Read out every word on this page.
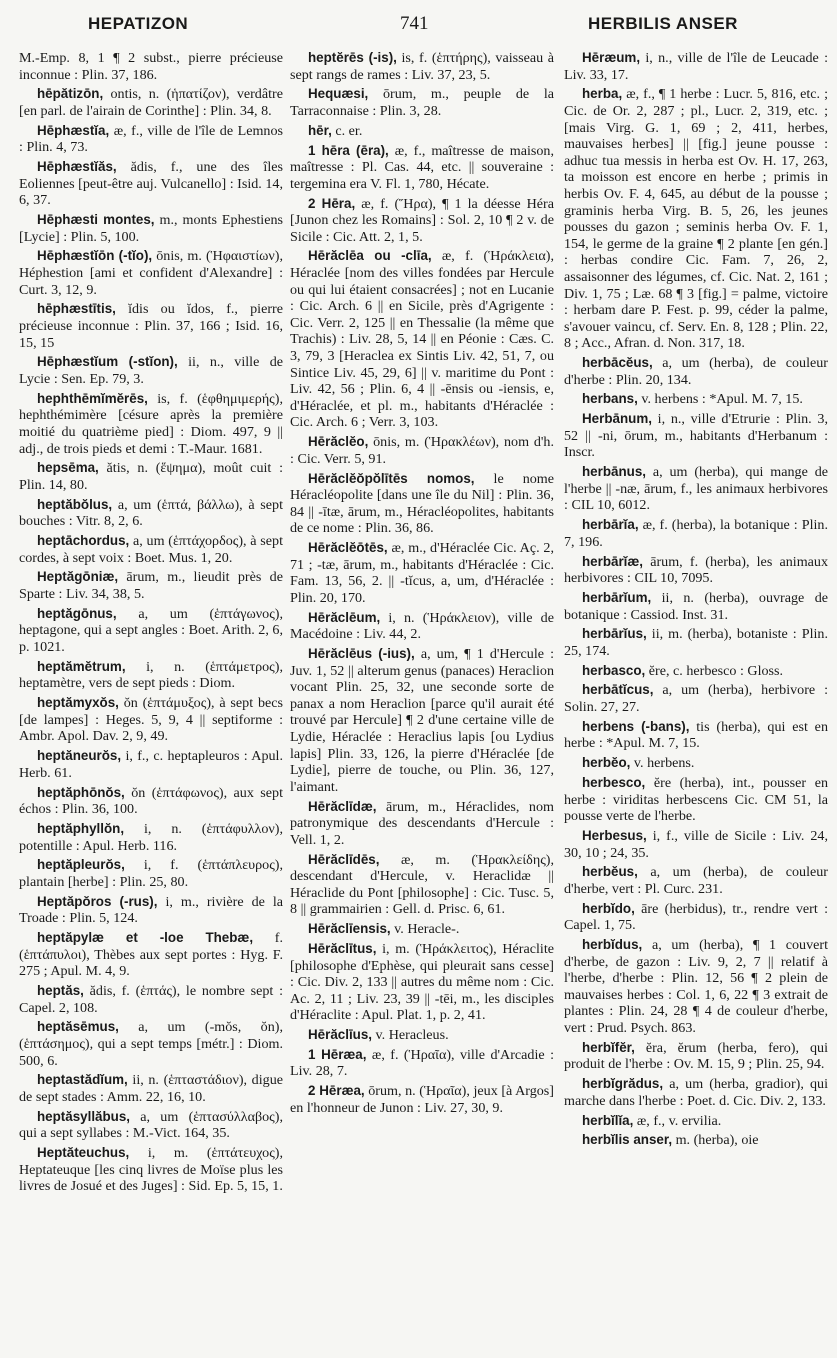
HEPATIZON	741	HERBILIS ANSER

M.-Emp. 8, 1 ¶ 2 subst., pierre précieuse inconnue : Plin. 37, 186.

hēpătizōn, ontis, n. (ἡπατίζον), verdâtre [en parl. de l'airain de Corinthe] : Plin. 34, 8.

Hēphæstĭa, æ, f., ville de l'île de Lemnos : Plin. 4, 73.

Hēphæstĭăs, ădis, f., une des îles Eoliennes [peut-être auj. Vulcanello] : Isid. 14, 6, 37.

Hēphæsti montes, m., monts Ephestiens [Lycie] : Plin. 5, 100.

Hēphæstĭōn (-tĭo), ōnis, m. (Ἡφαιστίων), Héphestion [ami et confident d'Alexandre] : Curt. 3, 12, 9.

hēphæstītis, ĭdis ou ĭdos, f., pierre précieuse inconnue : Plin. 37, 166 ; Isid. 16, 15, 15

Hēphæstĭum (-stĭon), ii, n., ville de Lycie : Sen. Ep. 79, 3.

hephthēmĭmĕrēs, is, f. (ἑφθημιμερής), hephthémimère [césure après la première moitié du quatrième pied] : Diom. 497, 9 || adj., de trois pieds et demi : T.-Maur. 1681.

hepsēma, ătis, n. (ἕψημα), moût cuit : Plin. 14, 80.

heptăbŏlus, a, um (ἑπτά, βάλλω), à sept bouches : Vitr. 8, 2, 6.

heptāchordus, a, um (ἑπτάχορδος), à sept cordes, à sept voix : Boet. Mus. 1, 20.

Heptăgōniæ, ārum, m., lieudit près de Sparte : Liv. 34, 38, 5.

heptăgōnus, a, um (ἑπτάγωνος), heptagone, qui a sept angles : Boet. Arith. 2, 6, p. 1021.

heptămĕtrum, i, n. (ἑπτάμετρος), heptamètre, vers de sept pieds : Diom.

heptămyxŏs, ŏn (ἑπτάμυξος), à sept becs [de lampes] : Heges. 5, 9, 4 || septiforme : Ambr. Apol. Dav. 2, 9, 49.

heptăneurŏs, i, f., c. heptapleuros : Apul. Herb. 61.

heptăphōnŏs, ŏn (ἑπτάφωνος), aux sept échos : Plin. 36, 100.

heptăphyllŏn, i, n. (ἑπτάφυλλον), potentille : Apul. Herb. 116.

heptăpleurŏs, i, f. (ἑπτάπλευρος), plantain [herbe] : Plin. 25, 80.

Heptăpŏros (-rus), i, m., rivière de la Troade : Plin. 5, 124.

heptăpylæ et -loe Thebæ, f. (ἑπτάπυλοι), Thèbes aux sept portes : Hyg. F. 275 ; Apul. M. 4, 9.

heptăs, ădis, f. (ἑπτάς), le nombre sept : Capel. 2, 108.

heptăsēmus, a, um (-mŏs, ŏn), (ἑπτάσημος), qui a sept temps [métr.] : Diom. 500, 6.

heptastădĭum, ii, n. (ἑπταστάδιον), digue de sept stades : Amm. 22, 16, 10.

heptăsyllăbus, a, um (ἑπτασύλλαβος), qui a sept syllabes : M.-Vict. 164, 35.

Heptăteuchus, i, m. (ἑπτάτευχος), Heptateuque [les cinq livres de Moïse plus les livres de Josué et des Juges] : Sid. Ep. 5, 15, 1.

heptĕrēs (-is), is, f. (ἑπτήρης), vaisseau à sept rangs de rames : Liv. 37, 23, 5.

Hequæsi, ōrum, m., peuple de la Tarraconnaise : Plin. 3, 28.

hēr, c. er.

1 hēra (ēra), æ, f., maîtresse de maison, maîtresse : Pl. Cas. 44, etc. || souveraine : tergemina era V. Fl. 1, 780, Hécate.

2 Hēra, æ, f. (Ἥρα), ¶ 1 la déesse Héra [Junon chez les Romains] : Sol. 2, 10 ¶ 2 v. de Sicile : Cic. Att. 2, 1, 5.

Hērăclēa ou -clīa, æ, f. (Ἡράκλεια), Héraclée [nom des villes fondées par Hercule ou qui lui étaient consacrées] ; not en Lucanie : Cic. Arch. 6 || en Sicile, près d'Agrigente : Cic. Verr. 2, 125 || en Thessalie (la même que Trachis) : Liv. 28, 5, 14 || en Péonie : Cæs. C. 3, 79, 3 [Heraclea ex Sintis Liv. 42, 51, 7, ou Sintice Liv. 45, 29, 6] || v. maritime du Pont : Liv. 42, 56 ; Plin. 6, 4 || -ēnsis ou -iensis, e, d'Héraclée, et pl. m., habitants d'Héraclée : Cic. Arch. 6 ; Verr. 3, 103.

Hērăclĕo, ōnis, m. (Ἡρακλέων), nom d'h. : Cic. Verr. 5, 91.

Hērăclĕŏpŏlītēs nomos, le nome Héracléopolite [dans une île du Nil] : Plin. 36, 84 || -ītæ, ārum, m., Héracléopolites, habitants de ce nome : Plin. 36, 86.

Hērăclĕōtēs, æ, m., d'Héraclée Cic. Aç. 2, 71 ; -tæ, ārum, m., habitants d'Héraclée : Cic. Fam. 13, 56, 2. || -tĭcus, a, um, d'Héraclée : Plin. 20, 170.

Hērăclēum, i, n. (Ἡράκλειον), ville de Macédoine : Liv. 44, 2.

Hērăclēus (-ius), a, um, ¶ 1 d'Hercule : Juv. 1, 52 || alterum genus (panaces) Heraclion vocant Plin. 25, 32, une seconde sorte de panax a nom Heraclion [parce qu'il aurait été trouvé par Hercule] ¶ 2 d'une certaine ville de Lydie, Héraclée : Heraclius lapis [ou Lydius lapis] Plin. 33, 126, la pierre d'Héraclée [de Lydie], pierre de touche, ou Plin. 36, 127, l'aimant.

Hērăclīdæ, ārum, m., Héraclides, nom patronymique des descendants d'Hercule : Vell. 1, 2.

Hērăclīdēs, æ, m. (Ἡρακλείδης), descendant d'Hercule, v. Heraclidæ || Héraclide du Pont [philosophe] : Cic. Tusc. 5, 8 || grammairien : Gell. d. Prisc. 6, 61.

Hērăclīensis, v. Heracle-.

Hērăclītus, i, m. (Ἡράκλειτος), Héraclite [philosophe d'Ephèse, qui pleurait sans cesse] : Cic. Div. 2, 133 || autres du même nom : Cic. Ac. 2, 11 ; Liv. 23, 39 || -tēi, m., les disciples d'Héraclite : Apul. Plat. 1, p. 2, 41.

Hērăclīus, v. Heracleus.

1 Hēræa, æ, f. (Ἡραῖα), ville d'Arcadie : Liv. 28, 7.

2 Hēræa, ōrum, n. (Ἡραῖα), jeux [à Argos] en l'honneur de Junon : Liv. 27, 30, 9.

Hēræum, i, n., ville de l'île de Leucade : Liv. 33, 17.

herba, æ, f., ¶ 1 herbe : Lucr. 5, 816, etc. ; Cic. de Or. 2, 287 ; pl., Lucr. 2, 319, etc. ; [mais Virg. G. 1, 69 ; 2, 411, herbes, mauvaises herbes] || [fig.] jeune pousse : adhuc tua messis in herba est Ov. H. 17, 263, ta moisson est encore en herbe ; primis in herbis Ov. F. 4, 645, au début de la pousse ; graminis herba Virg. B. 5, 26, les jeunes pousses du gazon ; seminis herba Ov. F. 1, 154, le germe de la graine ¶ 2 plante [en gén.] : herbas condire Cic. Fam. 7, 26, 2, assaisonner des légumes, cf. Cic. Nat. 2, 161 ; Div. 1, 75 ; Læ. 68 ¶ 3 [fig.] = palme, victoire : herbam dare P. Fest. p. 99, céder la palme, s'avouer vaincu, cf. Serv. En. 8, 128 ; Plin. 22, 8 ; Acc., Afran. d. Non. 317, 18.

herbācĕus, a, um (herba), de couleur d'herbe : Plin. 20, 134.

herbans, v. herbens : *Apul. M. 7, 15.

Herbānum, i, n., ville d'Etrurie : Plin. 3, 52 || -ni, ōrum, m., habitants d'Herbanum : Inscr.

herbānus, a, um (herba), qui mange de l'herbe || -næ, ārum, f., les animaux herbivores : CIL 10, 6012.

herbārĭa, æ, f. (herba), la botanique : Plin. 7, 196.

herbārĭæ, ārum, f. (herba), les animaux herbivores : CIL 10, 7095.

herbārĭum, ii, n. (herba), ouvrage de botanique : Cassiod. Inst. 31.

herbārĭus, ii, m. (herba), botaniste : Plin. 25, 174.

herbasco, ĕre, c. herbesco : Gloss.

herbātĭcus, a, um (herba), herbivore : Solin. 27, 27.

herbens (-bans), tis (herba), qui est en herbe : *Apul. M. 7, 15.

herbĕo, v. herbens.

herbesco, ĕre (herba), int., pousser en herbe : viriditas herbescens Cic. CM 51, la pousse verte de l'herbe.

Herbesus, i, f., ville de Sicile : Liv. 24, 30, 10 ; 24, 35.

herbĕus, a, um (herba), de couleur d'herbe, vert : Pl. Curc. 231.

herbĭdo, āre (herbidus), tr., rendre vert : Capel. 1, 75.

herbĭdus, a, um (herba), ¶ 1 couvert d'herbe, de gazon : Liv. 9, 2, 7 || relatif à l'herbe, d'herbe : Plin. 12, 56 ¶ 2 plein de mauvaises herbes : Col. 1, 6, 22 ¶ 3 extrait de plantes : Plin. 24, 28 ¶ 4 de couleur d'herbe, vert : Prud. Psych. 863.

herbĭfĕr, ĕra, ĕrum (herba, fero), qui produit de l'herbe : Ov. M. 15, 9 ; Plin. 25, 94.

herbĭgrădus, a, um (herba, gradior), qui marche dans l'herbe : Poet. d. Cic. Div. 2, 133.

herbĭlĭa, æ, f., v. ervilia.

herbĭlis anser, m. (herba), oie
